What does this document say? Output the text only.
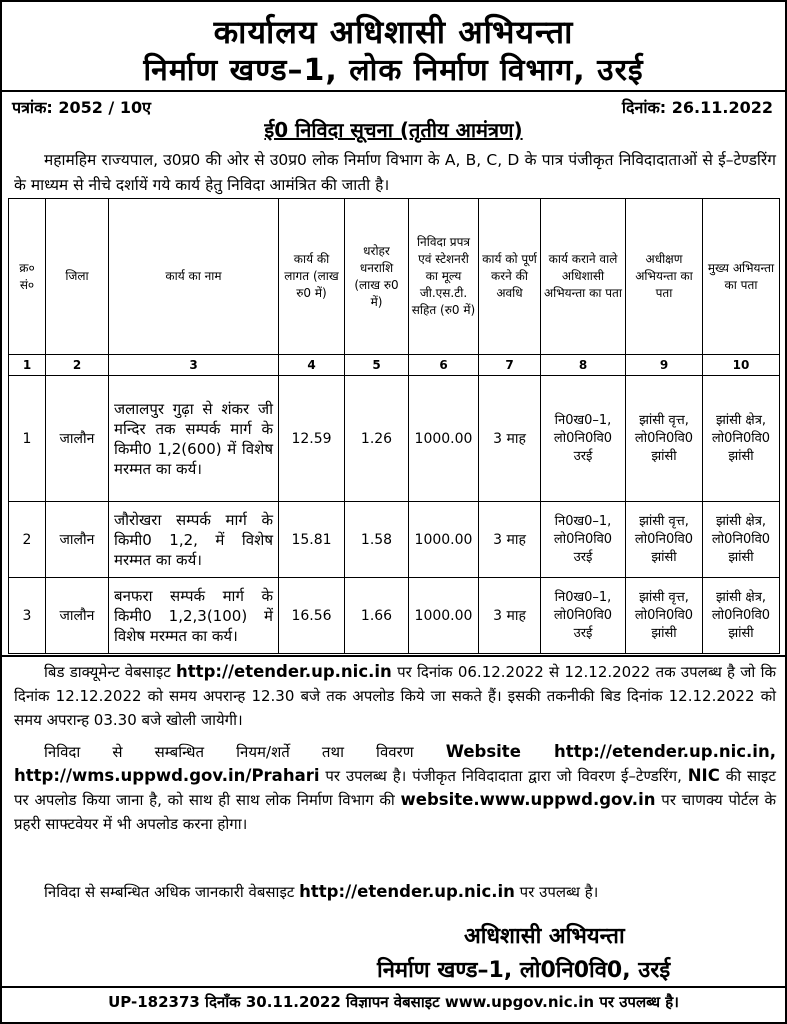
कार्यालय अधिशासी अभियन्ता
निर्माण खण्ड–1, लोक निर्माण विभाग, उरई
पत्रांक: 2052 / 10ए	दिनांक: 26.11.2022
ई0 निविदा सूचना (तृतीय आमंत्रण)
महामहिम राज्यपाल, उ0प्र0 की ओर से उ0प्र0 लोक निर्माण विभाग के A, B, C, D के पात्र पंजीकृत निविदादाताओं से ई–टेण्डरिंग के माध्यम से नीचे दर्शायें गये कार्य हेतु निविदा आमंत्रित की जाती है।
क्र० सं०	जिला	कार्य का नाम	कार्य की लागत (लाख रु0 में)	धरोहर धनराशि (लाख रु0 में)	निविदा प्रपत्र एवं स्टेशनरी का मूल्य जी.एस.टी. सहित (रु0 में)	कार्य को पूर्ण करने की अवधि	कार्य कराने वाले अधिशासी अभियन्ता का पता	अधीक्षण अभियन्ता का पता	मुख्य अभियन्ता का पता
1	2	3	4	5	6	7	8	9	10
1	जालौन	जलालपुर गुढ़ा से शंकर जी मन्दिर तक सम्पर्क मार्ग के किमी0 1,2(600) में विशेष मरम्मत का कर्य।	12.59	1.26	1000.00	3 माह	नि0ख0–1, लो0नि0वि0 उरई	झांसी वृत्त, लो0नि0वि0 झांसी	झांसी क्षेत्र, लो0नि0वि0 झांसी
2	जालौन	जौरोखरा सम्पर्क मार्ग के किमी0 1,2, में विशेष मरम्मत का कर्य।	15.81	1.58	1000.00	3 माह	नि0ख0–1, लो0नि0वि0 उरई	झांसी वृत्त, लो0नि0वि0 झांसी	झांसी क्षेत्र, लो0नि0वि0 झांसी
3	जालौन	बनफरा सम्पर्क मार्ग के किमी0 1,2,3(100) में विशेष मरम्मत का कर्य।	16.56	1.66	1000.00	3 माह	नि0ख0–1, लो0नि0वि0 उरई	झांसी वृत्त, लो0नि0वि0 झांसी	झांसी क्षेत्र, लो0नि0वि0 झांसी
बिड डाक्यूमेन्ट वेबसाइट http://etender.up.nic.in पर दिनांक 06.12.2022 से 12.12.2022 तक उपलब्ध है जो कि दिनांक 12.12.2022 को समय अपरान्ह 12.30 बजे तक अपलोड किये जा सकते हैं। इसकी तकनीकी बिड दिनांक 12.12.2022 को समय अपरान्ह 03.30 बजे खोली जायेगी।
निविदा से सम्बन्धित नियम/शर्ते तथा विवरण Website http://etender.up.nic.in, http://wms.uppwd.gov.in/Prahari पर उपलब्ध है। पंजीकृत निविदादाता द्वारा जो विवरण ई–टेण्डरिंग, NIC की साइट पर अपलोड किया जाना है, को साथ ही साथ लोक निर्माण विभाग की website.www.uppwd.gov.in पर चाणक्य पोर्टल के प्रहरी साफ्टवेयर में भी अपलोड करना होगा।
निविदा से सम्बन्धित अधिक जानकारी वेबसाइट http://etender.up.nic.in पर उपलब्ध है।
अधिशासी अभियन्ता
निर्माण खण्ड–1, लो0नि0वि0, उरई
UP-182373 दिनाँक 30.11.2022 विज्ञापन वेबसाइट www.upgov.nic.in पर उपलब्ध है।
